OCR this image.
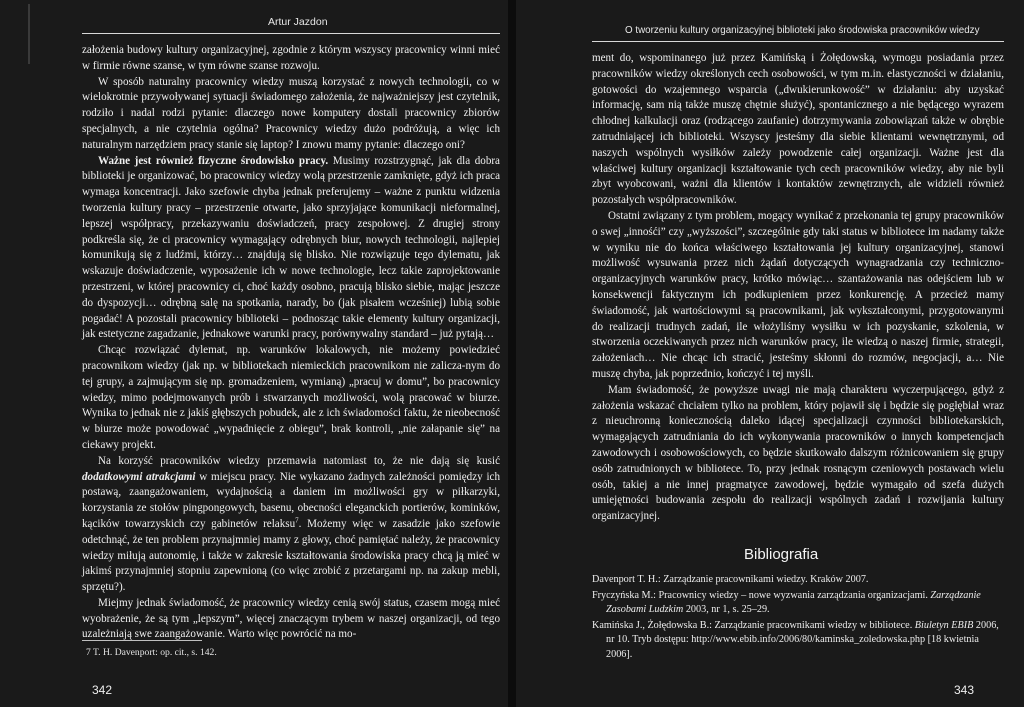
Artur Jazdon

założenia budowy kultury organizacyjnej, zgodnie z którym wszyscy pracownicy winni mieć w firmie równe szanse, w tym równe szanse rozwoju.

W sposób naturalny pracownicy wiedzy muszą korzystać z nowych technologii, co w wielokrotnie przywoływanej sytuacji świadomego założenia, że najważniejszy jest czytelnik, rodziło i nadal rodzi pytanie: dlaczego nowe komputery dostali pracownicy zbiorów specjalnych, a nie czytelnia ogólna? Pracownicy wiedzy dużo podróżują, a więc ich naturalnym narzędziem pracy stanie się laptop? I znowu mamy pytanie: dlaczego oni?

Ważne jest również fizyczne środowisko pracy. Musimy rozstrzygnąć, jak dla dobra biblioteki je organizować, bo pracownicy wiedzy wolą przestrzenie zamknięte, gdyż ich praca wymaga koncentracji. Jako szefowie chyba jednak preferujemy – ważne z punktu widzenia tworzenia kultury pracy – przestrzenie otwarte, jako sprzyjające komunikacji nieformalnej, lepszej współpracy, przekazywaniu doświadczeń, pracy zespołowej. Z drugiej strony podkreśla się, że ci pracownicy wymagający odrębnych biur, nowych technologii, najlepiej komunikują się z ludźmi, którzy… znajdują się blisko. Nie rozwiązuje tego dylematu, jak wskazuje doświadczenie, wyposażenie ich w nowe technologie, lecz takie zaprojektowanie przestrzeni, w której pracownicy ci, choć każdy osobno, pracują blisko siebie, mając jeszcze do dyspozycji… odrębną salę na spotkania, narady, bo (jak pisałem wcześniej) lubią sobie pogadać! A pozostali pracownicy biblioteki – podnosząc takie elementy kultury organizacji, jak estetyczne zagadzanie, jednakowe warunki pracy, porównywalny standard – już pytają…

Chcąc rozwiązać dylemat, np. warunków lokalowych, nie możemy powiedzieć pracownikom wiedzy (jak np. w bibliotekach niemieckich pracownikom nie zalicza-nym do tej grupy, a zajmującym się np. gromadzeniem, wymianą) „pracuj w domu”, bo pracownicy wiedzy, mimo podejmowanych prób i stwarzanych możliwości, wolą pracować w biurze. Wynika to jednak nie z jakiś głębszych pobudek, ale z ich świadomości faktu, że nieobecność w biurze może powodować „wypadnięcie z obiegu”, brak kontroli, „nie załapanie się” na ciekawy projekt.

Na korzyść pracowników wiedzy przemawia natomiast to, że nie dają się kusić dodatkowymi atrakcjami w miejscu pracy. Nie wykazano żadnych zależności pomiędzy ich postawą, zaangażowaniem, wydajnością a daniem im możliwości gry w piłkarzyki, korzystania ze stołów pingpongowych, basenu, obecności eleganckich portierów, kominków, kącików towarzyskich czy gabinetów relaksu$^7$. Możemy więc w zasadzie jako szefowie odetchnąć, że ten problem przynajmniej mamy z głowy, choć pamiętać należy, że pracownicy wiedzy miłują autonomię, i także w zakresie kształtowania środowiska pracy chcą ją mieć w jakimś przynajmniej stopniu zapewnioną (co więc zrobić z przetargami np. na zakup mebli, sprzętu?).

Miejmy jednak świadomość, że pracownicy wiedzy cenią swój status, czasem mogą mieć wyobrażenie, że są tym „lepszym”, więcej znaczącym trybem w naszej organizacji, od tego uzależniają swe zaangażowanie. Warto więc powrócić na mo-

7 T. H. Davenport: op. cit., s. 142.
342
O tworzeniu kultury organizacyjnej biblioteki jako środowiska pracowników wiedzy

ment do, wspominanego już przez Kamińską i Żołędowską, wymogu posiadania przez pracowników wiedzy określonych cech osobowości, w tym m.in. elastyczności w działaniu, gotowości do wzajemnego wsparcia („dwukierunkowość” w działaniu: aby uzyskać informację, sam nią także muszę chętnie służyć), spontanicznego a nie będącego wyrazem chłodnej kalkulacji oraz (rodzącego zaufanie) dotrzymywania zobowiązań także w obrębie zatrudniającej ich biblioteki. Wszyscy jesteśmy dla siebie klientami wewnętrznymi, od naszych wspólnych wysiłków zależy powodzenie całej organizacji. Ważne jest dla właściwej kultury organizacji kształtowanie tych cech pracowników wiedzy, aby nie byli zbyt wyobcowani, ważni dla klientów i kontaktów zewnętrznych, ale widzieli również pozostałych współpracowników.

Ostatni związany z tym problem, mogący wynikać z przekonania tej grupy pracowników o swej „innośći” czy „wyższości”, szczególnie gdy taki status w bibliotece im nadamy także w wyniku nie do końca właściwego kształtowania jej kultury organizacyjnej, stanowi możliwość wysuwania przez nich żądań dotyczących wynagradzania czy techniczno-organizacyjnych warunków pracy, krótko mówiąc… szantażowania nas odejściem lub w konsekwencji faktycznym ich podkupieniem przez konkurencję. A przecież mamy świadomość, jak wartościowymi są pracownikami, jak wykształconymi, przygotowanymi do realizacji trudnych zadań, ile włożyliśmy wysiłku w ich pozyskanie, szkolenia, w stworzenia oczekiwanych przez nich warunków pracy, ile wiedzą o naszej firmie, strategii, założeniach… Nie chcąc ich stracić, jesteśmy skłonni do rozmów, negocjacji, a… Nie muszę chyba, jak poprzednio, kończyć i tej myśli.

Mam świadomość, że powyższe uwagi nie mają charakteru wyczerpującego, gdyż z założenia wskazać chciałem tylko na problem, który pojawił się i będzie się pogłębiał wraz z nieuchronną koniecznością daleko idącej specjalizacji czynności bibliotekarskich, wymagających zatrudniania do ich wykonywania pracowników o innych kompetencjach zawodowych i osobowościowych, co będzie skutkowało dalszym różnicowaniem się grupy osób zatrudnionych w bibliotece. To, przy jednak rosnącym czeniowych postawach wielu osób, takiej a nie innej pragmatyce zawodowej, będzie wymagało od szefa dużych umiejętności budowania zespołu do realizacji wspólnych zadań i rozwijania kultury organizacyjnej.

Bibliografia

Davenport T. H.: Zarządzanie pracownikami wiedzy. Kraków 2007.

Fryczyńska M.: Pracownicy wiedzy – nowe wyzwania zarządzania organizacjami. Zarządzanie Zasobami Ludzkim 2003, nr 1, s. 25–29.

Kamińska J., Żołędowska B.: Zarządzanie pracownikami wiedzy w bibliotece. Biuletyn EBIB 2006, nr 10. Tryb dostępu: http://www.ebib.info/2006/80/kaminska_zoledowska.php [18 kwietnia 2006].

343
